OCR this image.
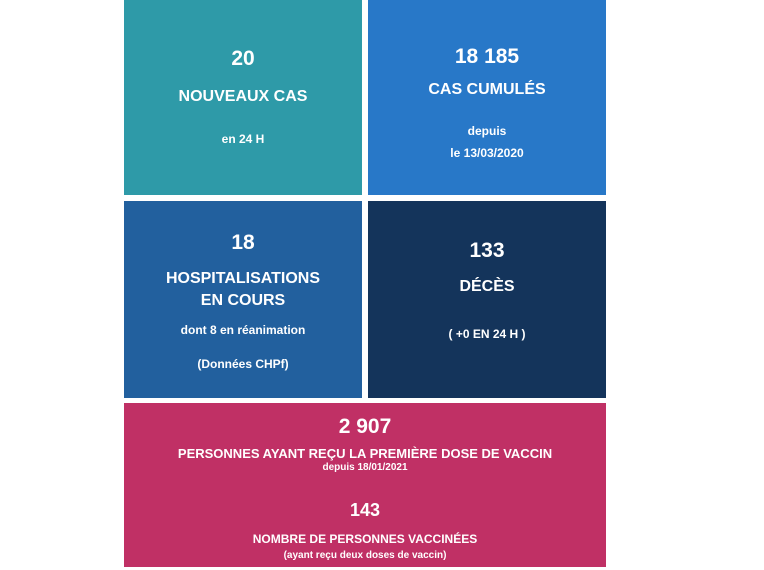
20
NOUVEAUX CAS
en 24 H
18 185
CAS CUMULÉS
depuis
le 13/03/2020
18
HOSPITALISATIONS
EN COURS
dont 8 en réanimation
(Données CHPf)
133
DÉCÈS
( +0 EN 24 H )
2 907
PERSONNES AYANT REÇU LA PREMIÈRE DOSE DE VACCIN
depuis 18/01/2021
143
NOMBRE DE PERSONNES VACCINÉES
(ayant reçu deux doses de vaccin)
